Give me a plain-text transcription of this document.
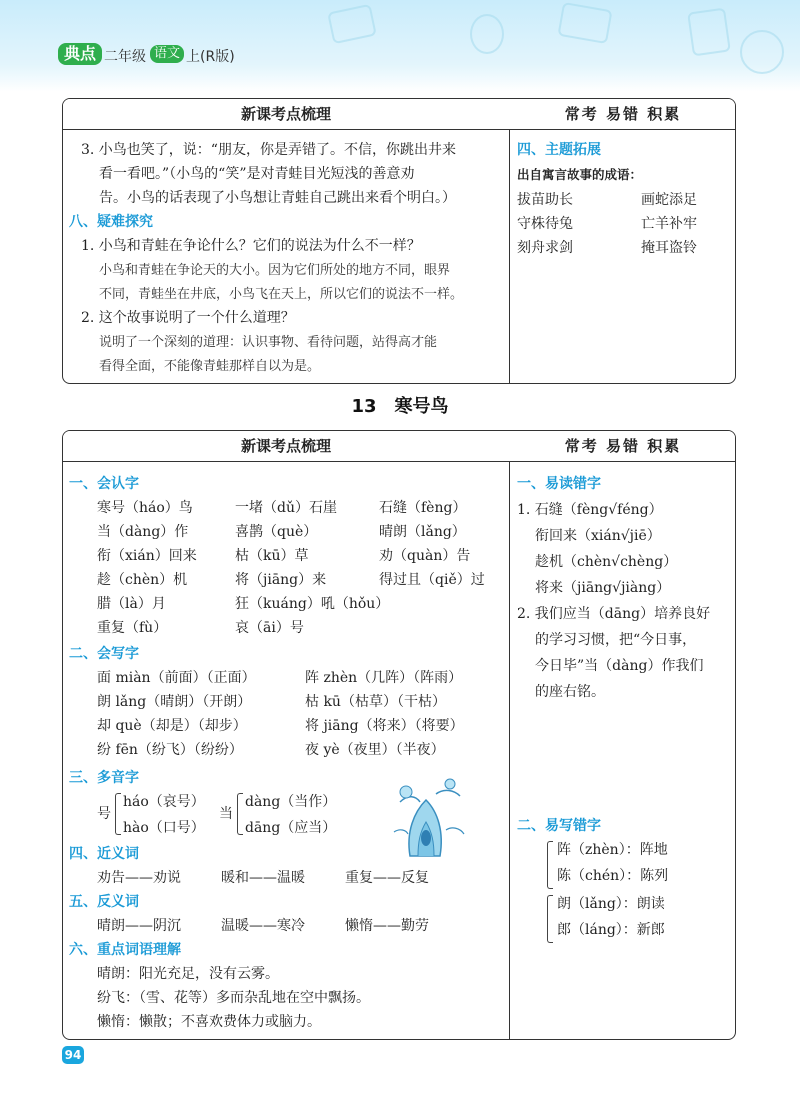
典点 二年级 语文 上(R版)
新课考点梳理	常考 易错 积累
3. 小鸟也笑了，说：“朋友，你是弄错了。不信，你跳出井来
看一看吧。”（小鸟的“笑”是对青蛙目光短浅的善意劝
告。小鸟的话表现了小鸟想让青蛙自己跳出来看个明白。）
八、疑难探究
1. 小鸟和青蛙在争论什么？它们的说法为什么不一样？
小鸟和青蛙在争论天的大小。因为它们所处的地方不同，眼界
不同，青蛙坐在井底，小鸟飞在天上，所以它们的说法不一样。
2. 这个故事说明了一个什么道理？
说明了一个深刻的道理：认识事物、看待问题，站得高才能
看得全面，不能像青蛙那样自以为是。
四、主题拓展
出自寓言故事的成语：
拔苗助长	画蛇添足
守株待兔	亡羊补牢
刻舟求剑	掩耳盗铃
13　寒号鸟
新课考点梳理	常考 易错 积累
一、会认字
寒号（háo）鸟	一堵（dǔ）石崖	石缝（fèng）
当（dàng）作	喜鹊（què）	晴朗（lǎng）
衔（xián）回来	枯（kū）草	劝（quàn）告
趁（chèn）机	将（jiāng）来	得过且（qiě）过
腊（là）月	狂（kuáng）吼（hǒu）
重复（fù）	哀（āi）号
二、会写字
面 miàn（前面）（正面）	阵 zhèn（几阵）（阵雨）
朗 lǎng（晴朗）（开朗）	枯 kū（枯草）（干枯）
却 què（却是）（却步）	将 jiāng（将来）（将要）
纷 fēn（纷飞）（纷纷）	夜 yè（夜里）（半夜）
三、多音字
号
háo（哀号）
hào（口号）
当
dàng（当作）
dāng（应当）
四、近义词
劝告——劝说	暖和——温暖	重复——反复
五、反义词
晴朗——阴沉	温暖——寒冷	懒惰——勤劳
六、重点词语理解
晴朗：阳光充足，没有云雾。
纷飞：（雪、花等）多而杂乱地在空中飘扬。
懒惰：懒散；不喜欢费体力或脑力。
一、易读错字
1. 石缝（fèng√féng）
衔回来（xián√jiē）
趁机（chèn√chèng）
将来（jiāng√jiàng）
2. 我们应当（dāng）培养良好
的学习习惯，把“今日事，
今日毕”当（dàng）作我们
的座右铭。
二、易写错字
阵（zhèn）：阵地
陈（chén）：陈列
朗（lǎng）：朗读
郎（láng）：新郎
94
